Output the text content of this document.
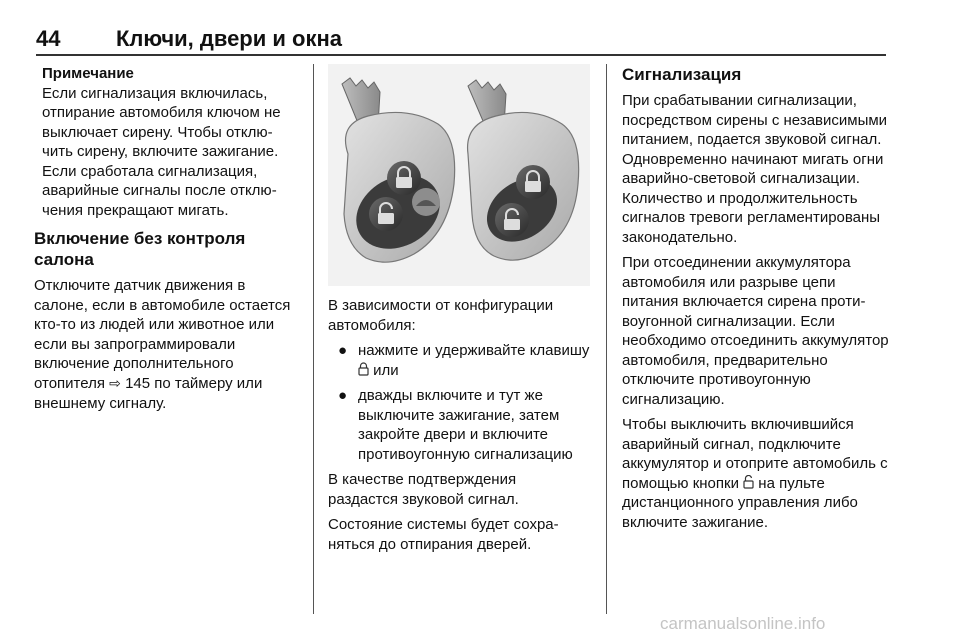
44	Ключи, двери и окна
Примечание
Если сигнализация включилась, отпирание автомобиля ключом не выключает сирену. Чтобы отключить сирену, включите зажигание. Если сработала сигнализация, аварийные сигналы после отключения прекращают мигать.
Включение без контроля салона

Отключите датчик движения в салоне, если в автомобиле остается кто-то из людей или животное или если вы запрограммировали включение дополнительного отопителя ⇨ 145 по таймеру или внешнему сигналу.

В зависимости от конфигурации автомобиля:

● нажмите и удерживайте клавишу  или
● дважды включите и тут же выключите зажигание, затем закройте двери и включите противоугонную сигнализацию

В качестве подтверждения раздастся звуковой сигнал.

Состояние системы будет сохраняться до отпирания дверей.

Сигнализация

При срабатывании сигнализации, посредством сирены с независимыми питанием, подается звуковой сигнал. Одновременно начинают мигать огни аварийно-световой сигнализации. Количество и продолжительность сигналов тревоги регламентированы законодательно.

При отсоединении аккумулятора автомобиля или разрыве цепи питания включается сирена противоугонной сигнализации. Если необходимо отсоединить аккумулятор автомобиля, предварительно отключите противоугонную сигнализацию.

Чтобы выключить включившийся аварийный сигнал, подключите аккумулятор и отоприте автомобиль с помощью кнопки на пульте дистанционного управления либо включите зажигание.

carmanualsonline.info
